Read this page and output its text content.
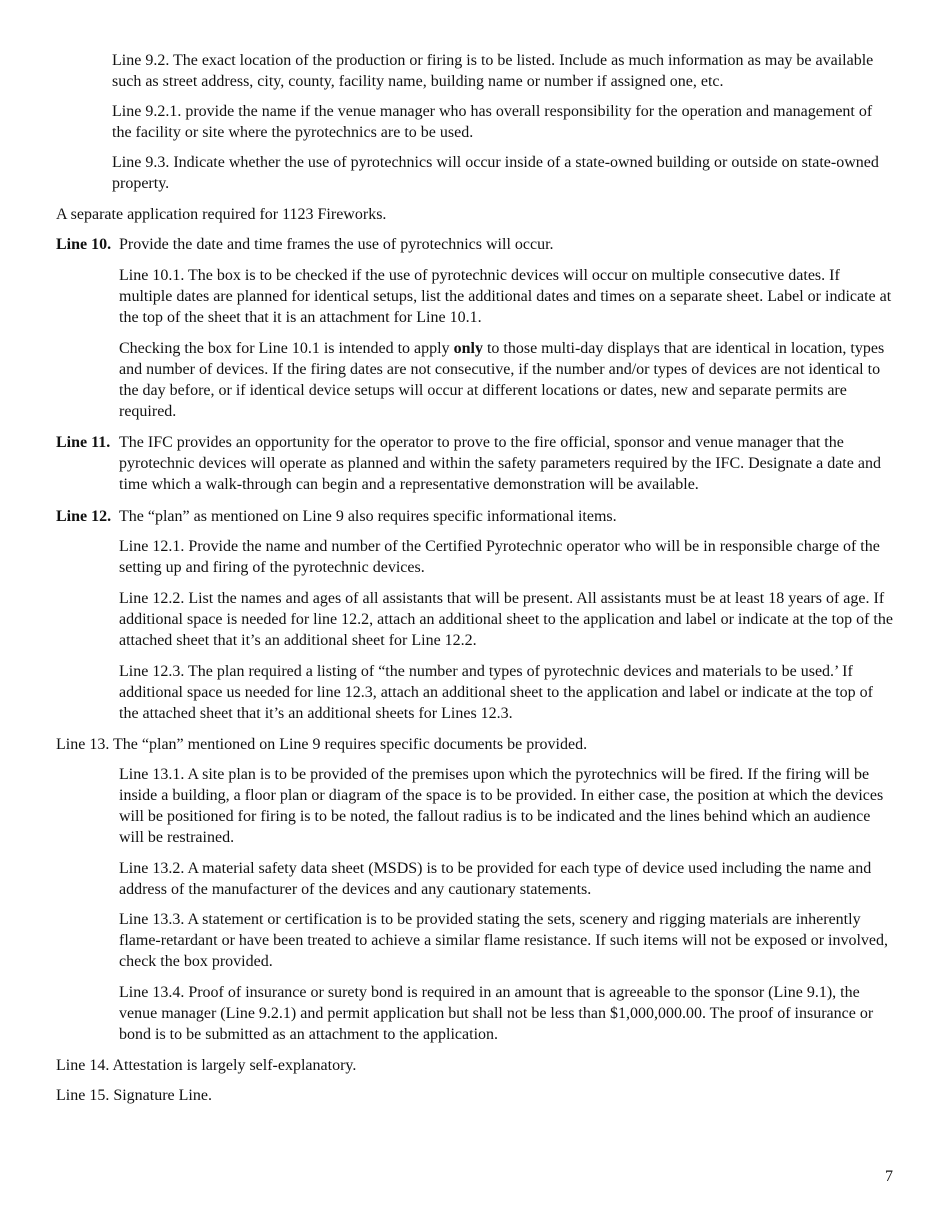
Line 9.2. The exact location of the production or firing is to be listed. Include as much information as may be available such as street address, city, county, facility name, building name or number if assigned one, etc.

Line 9.2.1. provide the name if the venue manager who has overall responsibility for the operation and management of the facility or site where the pyrotechnics are to be used.

Line 9.3. Indicate whether the use of pyrotechnics will occur inside of a state-owned building or outside on state-owned property.

A separate application required for 1123 Fireworks.

Line 10. Provide the date and time frames the use of pyrotechnics will occur.

Line 10.1. The box is to be checked if the use of pyrotechnic devices will occur on multiple consecutive dates. If multiple dates are planned for identical setups, list the additional dates and times on a separate sheet. Label or indicate at the top of the sheet that it is an attachment for Line 10.1.

Checking the box for Line 10.1 is intended to apply only to those multi-day displays that are identical in location, types and number of devices. If the firing dates are not consecutive, if the number and/or types of devices are not identical to the day before, or if identical device setups will occur at different locations or dates, new and separate permits are required.

Line 11. The IFC provides an opportunity for the operator to prove to the fire official, sponsor and venue manager that the pyrotechnic devices will operate as planned and within the safety parameters required by the IFC. Designate a date and time which a walk-through can begin and a representative demonstration will be available.
Line 12. The “plan” as mentioned on Line 9 also requires specific informational items.

Line 12.1. Provide the name and number of the Certified Pyrotechnic operator who will be in responsible charge of the setting up and firing of the pyrotechnic devices.

Line 12.2. List the names and ages of all assistants that will be present. All assistants must be at least 18 years of age. If additional space is needed for line 12.2, attach an additional sheet to the application and label or indicate at the top of the attached sheet that it’s an additional sheet for Line 12.2.

Line 12.3. The plan required a listing of “the number and types of pyrotechnic devices and materials to be used.’ If additional space us needed for line 12.3, attach an additional sheet to the application and label or indicate at the top of the attached sheet that it’s an additional sheets for Lines 12.3.

Line 13. The “plan” mentioned on Line 9 requires specific documents be provided.

Line 13.1. A site plan is to be provided of the premises upon which the pyrotechnics will be fired. If the firing will be inside a building, a floor plan or diagram of the space is to be provided. In either case, the position at which the devices will be positioned for firing is to be noted, the fallout radius is to be indicated and the lines behind which an audience will be restrained.

Line 13.2. A material safety data sheet (MSDS) is to be provided for each type of device used including the name and address of the manufacturer of the devices and any cautionary statements.

Line 13.3. A statement or certification is to be provided stating the sets, scenery and rigging materials are inherently flame-retardant or have been treated to achieve a similar flame resistance. If such items will not be exposed or involved, check the box provided.

Line 13.4. Proof of insurance or surety bond is required in an amount that is agreeable to the sponsor (Line 9.1), the venue manager (Line 9.2.1) and permit application but shall not be less than $1,000,000.00. The proof of insurance or bond is to be submitted as an attachment to the application.

Line 14. Attestation is largely self-explanatory.

Line 15. Signature Line.

7
